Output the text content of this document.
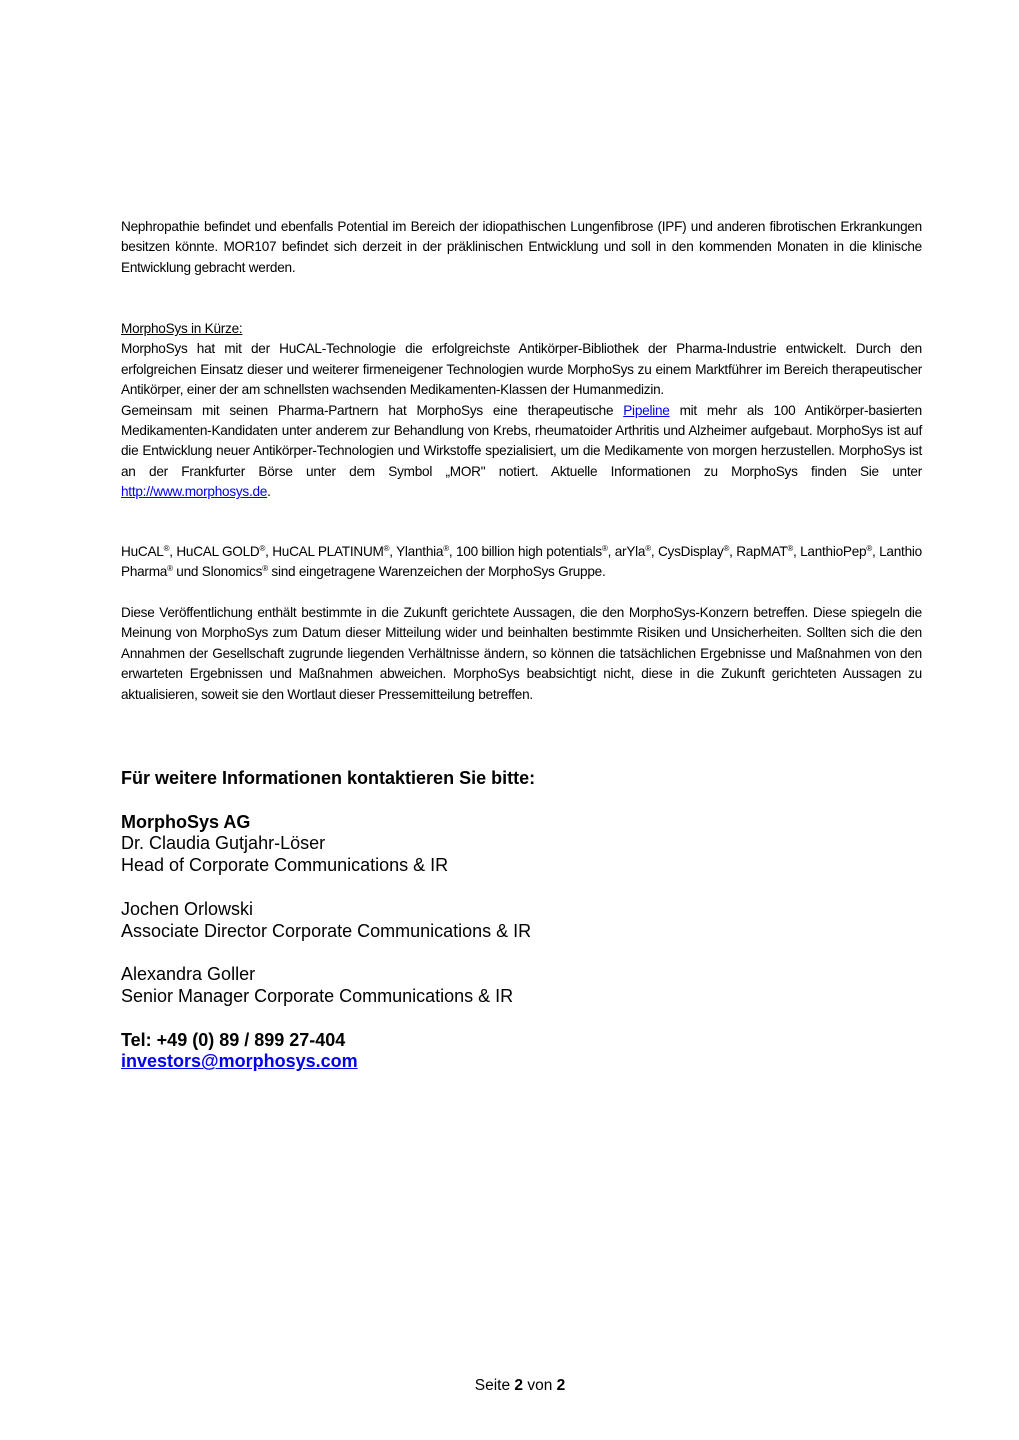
Nephropathie befindet und ebenfalls Potential im Bereich der idiopathischen Lungenfibrose (IPF) und anderen fibrotischen Erkrankungen besitzen könnte. MOR107 befindet sich derzeit in der präklinischen Entwicklung und soll in den kommenden Monaten in die klinische Entwicklung gebracht werden.

MorphoSys in Kürze:

MorphoSys hat mit der HuCAL-Technologie die erfolgreichste Antikörper-Bibliothek der Pharma-Industrie entwickelt. Durch den erfolgreichen Einsatz dieser und weiterer firmeneigener Technologien wurde MorphoSys zu einem Marktführer im Bereich therapeutischer Antikörper, einer der am schnellsten wachsenden Medikamenten-Klassen der Humanmedizin.

Gemeinsam mit seinen Pharma-Partnern hat MorphoSys eine therapeutische Pipeline mit mehr als 100 Antikörper-basierten Medikamenten-Kandidaten unter anderem zur Behandlung von Krebs, rheumatoider Arthritis und Alzheimer aufgebaut. MorphoSys ist auf die Entwicklung neuer Antikörper-Technologien und Wirkstoffe spezialisiert, um die Medikamente von morgen herzustellen. MorphoSys ist an der Frankfurter Börse unter dem Symbol „MOR" notiert. Aktuelle Informationen zu MorphoSys finden Sie unter http://www.morphosys.de.

HuCAL®, HuCAL GOLD®, HuCAL PLATINUM®, Ylanthia®, 100 billion high potentials®, arYla®, CysDisplay®, RapMAT®, LanthioPep®, Lanthio Pharma® und Slonomics® sind eingetragene Warenzeichen der MorphoSys Gruppe.

Diese Veröffentlichung enthält bestimmte in die Zukunft gerichtete Aussagen, die den MorphoSys-Konzern betreffen. Diese spiegeln die Meinung von MorphoSys zum Datum dieser Mitteilung wider und beinhalten bestimmte Risiken und Unsicherheiten. Sollten sich die den Annahmen der Gesellschaft zugrunde liegenden Verhältnisse ändern, so können die tatsächlichen Ergebnisse und Maßnahmen von den erwarteten Ergebnissen und Maßnahmen abweichen. MorphoSys beabsichtigt nicht, diese in die Zukunft gerichteten Aussagen zu aktualisieren, soweit sie den Wortlaut dieser Pressemitteilung betreffen.

Für weitere Informationen kontaktieren Sie bitte:

MorphoSys AG

Dr. Claudia Gutjahr-Löser

Head of Corporate Communications & IR

Jochen Orlowski

Associate Director Corporate Communications & IR

Alexandra Goller

Senior Manager Corporate Communications & IR

Tel: +49 (0) 89 / 899 27-404

investors@morphosys.com

Seite 2 von 2
